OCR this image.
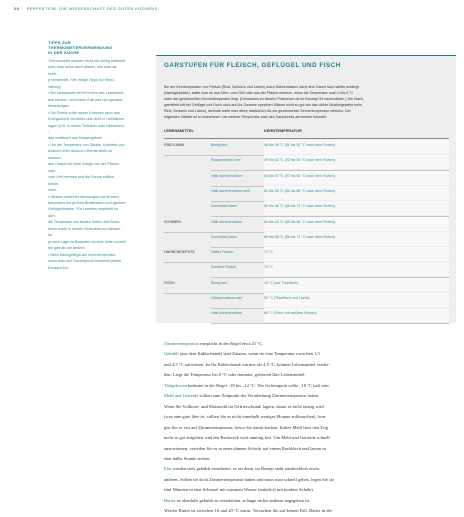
20 PERFEKTION: DIE WISSENSCHAFT DES GUTEN KOCHENS
TIPPS ZUR THERMOMETERVERWENDUNG
IN DER KÜCHE

Thermometer müssen nicht nur richtig kalibriert

sein, man muss auch wissen, wie man sie richti-

g verwendet. Hier einige Tipps zur Hand-

habung:

• Bei Messsonde tief im Innern des Lebensmit-

tels stecken, auf keinen Fall darf sie irgendwo

herausragen.

• Die Sonde sollte weder Knochen noch das

Kochgeschirr berühren und nicht in Hohlräume

ragen (z.B. in einem Truthahn oder Hähnchen) –

das verfälscht das Messergebnis.

• Um die Temperatur von Steaks, Koteletts und

anderen eher dünnen Lebensmitteln zu messen,

das Gargut mit einer Zange von der Pfanne oder

vom Grill nehmen und die Sonde seitlich einste-

chen.

• Messen mehrerer Messungen vornehmen,

besonders bei großen Bratstücken und ganzem

Geflügel/bratem. Für Lebenen empfiehlt es sich,

die Temperatur auf beiden Seiten des Brust-

beins sowie in beiden Schenkeln zu messen. Ist

ja noch Lage im Backofen da eine Seite schnell

bei gart als die andere.

• Beim Hachgeflügel die Innentemperatur,

wenn man den Garzeitpunkt bestimmt (siehe

Konzept 64).

GARSTUFEN FÜR FLEISCH, GEFLÜGEL UND FISCH
Bei der Kerntemperatur von Fleisch (Rind, Schwein und Lamm) durch Nahrenlassen nach dem Garen noch weiter ansteigt
(Nachgarphäke), sollte man es aus Ofen, vom Grill oder aus der Pfanne nehmen, wenn die Temperatur noch 3 bis 6 °C
unter der gewünschten Serviertemperatur liegt. (Genaueres zu diesem Phänomen ist im Konzept 94 nachzulesen.) Der Nach-
garreffekt tritt bei Geflügel und Fisch nicht auf (ihr Gewebe speichert Wärme nicht so gut wie das dichte Muskelgewebe beim
Rind, Schwein und Lamm), deshalb sollte man diese tatsächlich bis zur gewünschten Serviertemperatur erhitzen. Der
folgenden Tabelle ist zu entnehmen, bei welcher Temperatur man den Garprozess am besten beendet.
LEBENSMITTEL	KERNTEMPERATUR
RIND/LAMM	Blutig/rare	46 bis 49 °C (51 bis 52 °C nach dem Ruhen)
Rosa/medium-rare	49 bis 52 °C (52 bis 54 °C nach dem Ruhen)
Halb durch/medium	54 bis 57 °C (57 bis 60 °C nach dem Ruhen)
Halb durch/medium-well	60 bis 63 °C (63 bis 66 °C nach dem Ruhen)
Durch/well-done	66 bis 68 °C (68 bis 71 °C nach dem Ruhen)
SCHWEIN	Halb durch/medium	60 bis 63 °C (63 bis 66 °C nach dem Ruhen)
Durch/well-done	66 bis 68 °C (68 bis 71 °C nach dem Ruhen)
HÄHNCHEN/PUTE	Helles Fleisch	71 °C
Dunkles Fleisch	79 °C
FISCH	Blutig/rare	43 °C (nur Thunfisch)
Glasig/medium-rare	52 °C (Thunfisch und Lachs)
Halb durch/medium	60 °C (Fisch mit weißem Fleisch)
Zimmertemperatur entspricht in der Regel etwa 21 °C.
Gekühlt (aus dem Kühlschrank) sind Zutaten, wenn sie eine Temperatur zwischen 1,5
und 4,5 °C aufweisen. Ist Ihr Kühlschrank wärmer als 4,5 °C, können Lebensmittel verder-
ben. Liegt die Temperatur bei 0 °C oder darunter, gefrieren Ihre Lebensmittel.
Tiefgefroren bedeutet in der Regel –18 bis –12 °C. Die Gefriergerät sollte –18 °C kalt sein.
Mehl und Getreide sollten zum Zeitpunkt der Verarbeitung Zimmertemperatur haben.
Wenn Sie Vollkorn- und Maismehl im Gefrierschrank lagern, damit es nicht ranzig wird
(was eine gute Idee ist, sollten Sie es nicht innerhalb weniger Monate aufbrauchen), brin-
gen Sie es erst auf Zimmertemperatur, bevor Sie damit backen. Kaltes Mehl lässt den Teig
nicht so gut aufgehen, und das Backwerk wird unnötig fest. Um Mehl und Getreide schnell
anzuwärmen, verteilen Sie es in einer dünnen Schicht auf einem Backblech und lassen es
eine halbe Stunde stehen.
Eier werden stets gekühlt verarbeitet, es sei denn, im Rezept steht ausdrücklich etwas
anderes. Sollen sie doch Zimmertemperatur haben und muss man schnell gehen, legen Sie sie
fünf Minuten in eine Schüssel mit warmem Wasser (natürlich mit intakter Schale).
Butter ist ebenfalls gekühlt zu verarbeiten, solange nichts anderes angegeben ist.
Weiche Butter ist zwischen 16 und 20 °C warm. Versuchen Sie auf keinen Fall, Butter in der
